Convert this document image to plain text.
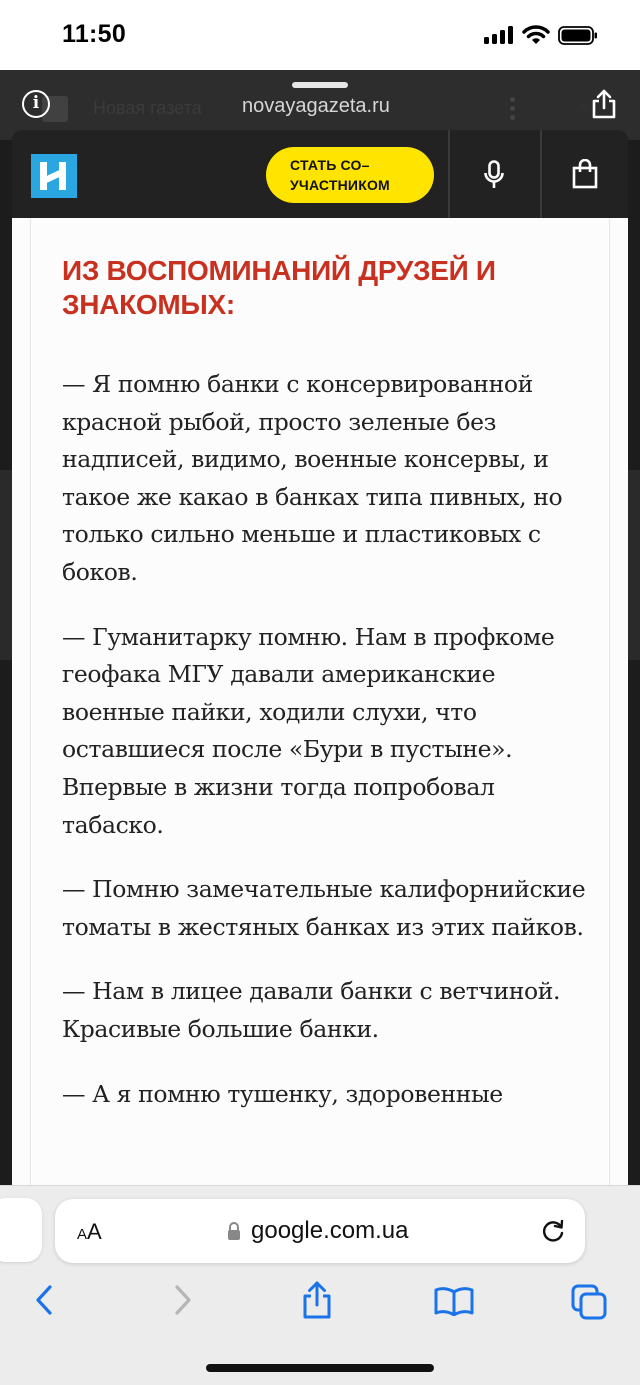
11:50
i	Новая газета novayagazeta.ru	✕
СТАТЬ СО–
УЧАСТНИКОМ
ИЗ ВОСПОМИНАНИЙ ДРУЗЕЙ И ЗНАКОМЫХ:

— Я помню банки с консервированной красной рыбой, просто зеленые без надписей, видимо, военные консервы, и такое же какао в банках типа пивных, но только сильно меньше и пластиковых с боков.

— Гуманитарку помню. Нам в профкоме геофака МГУ давали американские военные пайки, ходили слухи, что оставшиеся после «Бури в пустыне». Впервые в жизни тогда попробовал табаско.

— Помню замечательные калифорнийские томаты в жестяных банках из этих пайков.

— Нам в лицее давали банки с ветчиной. Красивые большие банки.

— А я помню тушенку, здоровенные

AA	google.com.ua
